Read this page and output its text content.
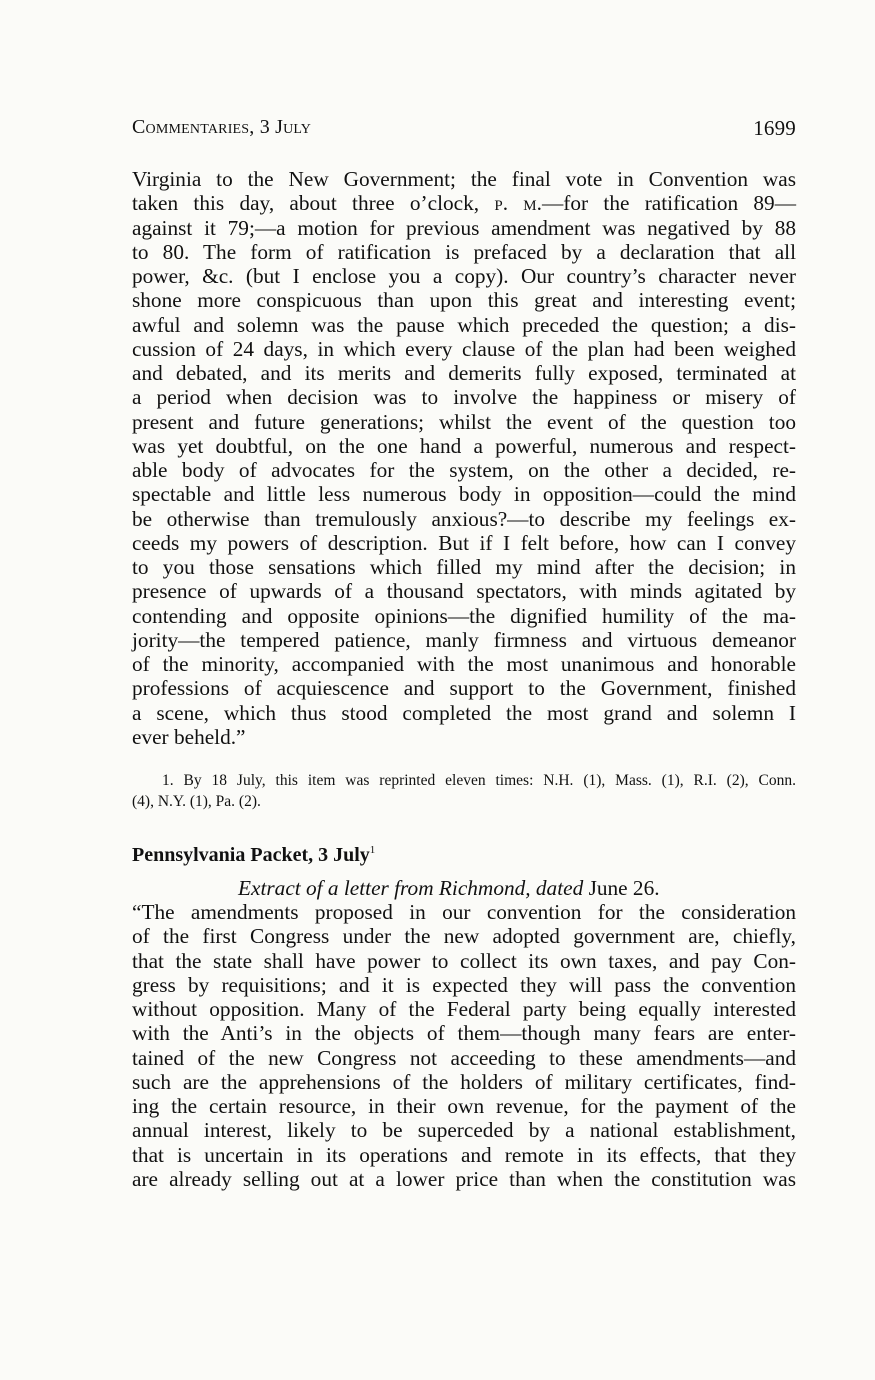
Commentaries, 3 July	1699
Virginia to the New Government; the final vote in Convention was
taken this day, about three o’clock, p. m.—for the ratification 89—
against it 79;—a motion for previous amendment was negatived by 88
to 80. The form of ratification is prefaced by a declaration that all
power, &c. (but I enclose you a copy). Our country’s character never
shone more conspicuous than upon this great and interesting event;
awful and solemn was the pause which preceded the question; a dis-
cussion of 24 days, in which every clause of the plan had been weighed
and debated, and its merits and demerits fully exposed, terminated at
a period when decision was to involve the happiness or misery of
present and future generations; whilst the event of the question too
was yet doubtful, on the one hand a powerful, numerous and respect-
able body of advocates for the system, on the other a decided, re-
spectable and little less numerous body in opposition—could the mind
be otherwise than tremulously anxious?—to describe my feelings ex-
ceeds my powers of description. But if I felt before, how can I convey
to you those sensations which filled my mind after the decision; in
presence of upwards of a thousand spectators, with minds agitated by
contending and opposite opinions—the dignified humility of the ma-
jority—the tempered patience, manly firmness and virtuous demeanor
of the minority, accompanied with the most unanimous and honorable
professions of acquiescence and support to the Government, finished
a scene, which thus stood completed the most grand and solemn I
ever beheld.”
1. By 18 July, this item was reprinted eleven times: N.H. (1), Mass. (1), R.I. (2), Conn.
(4), N.Y. (1), Pa. (2).
Pennsylvania Packet, 3 July$^1$
Extract of a letter from Richmond, dated June 26.
“The amendments proposed in our convention for the consideration
of the first Congress under the new adopted government are, chiefly,
that the state shall have power to collect its own taxes, and pay Con-
gress by requisitions; and it is expected they will pass the convention
without opposition. Many of the Federal party being equally interested
with the Anti’s in the objects of them—though many fears are enter-
tained of the new Congress not acceeding to these amendments—and
such are the apprehensions of the holders of military certificates, find-
ing the certain resource, in their own revenue, for the payment of the
annual interest, likely to be superceded by a national establishment,
that is uncertain in its operations and remote in its effects, that they
are already selling out at a lower price than when the constitution was
